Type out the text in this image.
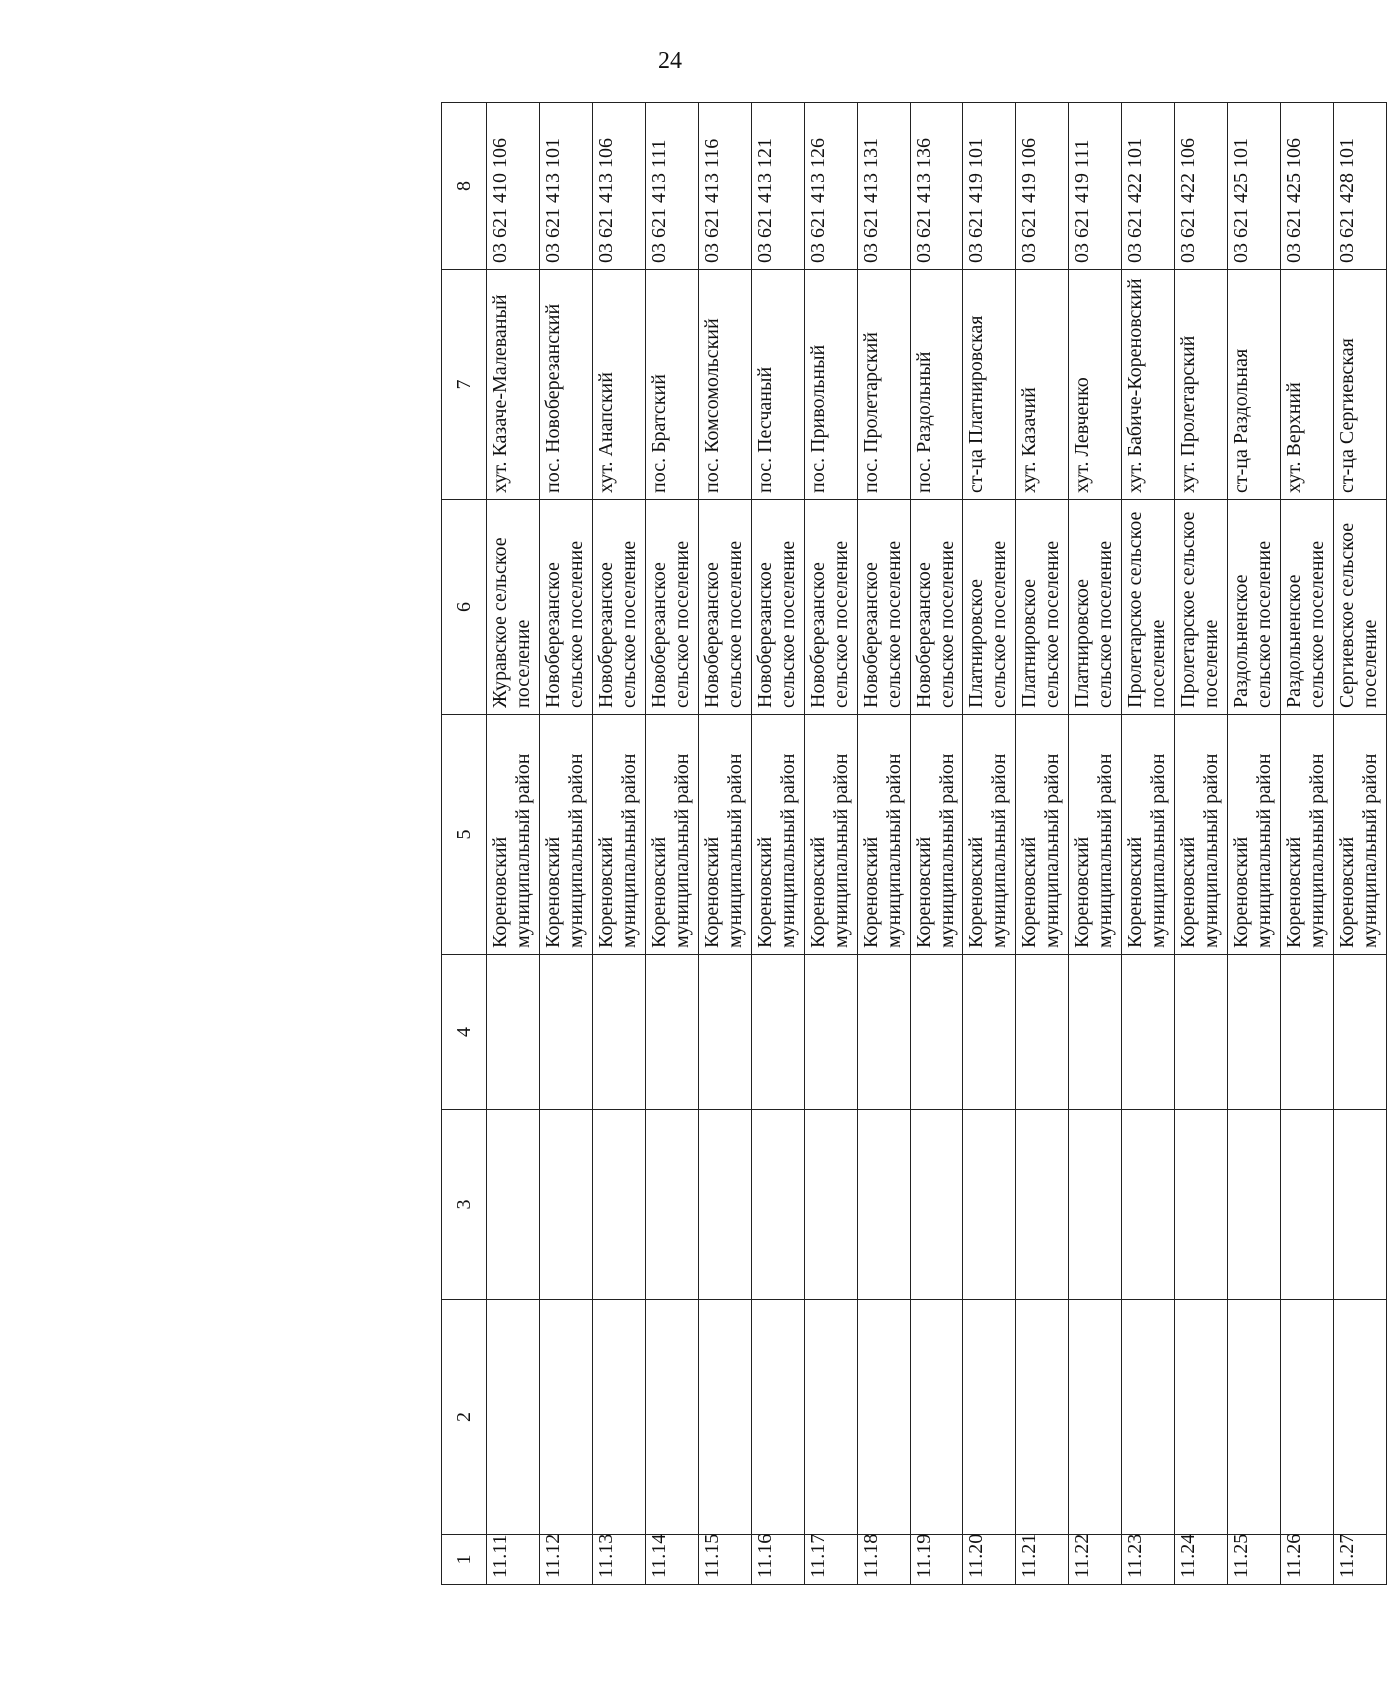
24
1	2	3	4	5	6	7	8
11.11				Кореновский муниципальный район	Журавское сельское поселение	хут. Казаче-Малеваный	03 621 410 106
11.12				Кореновский муниципальный район	Новоберезанское сельское поселение	пос. Новоберезанский	03 621 413 101
11.13				Кореновский муниципальный район	Новоберезанское сельское поселение	хут. Анапский	03 621 413 106
11.14				Кореновский муниципальный район	Новоберезанское сельское поселение	пос. Братский	03 621 413 111
11.15				Кореновский муниципальный район	Новоберезанское сельское поселение	пос. Комсомольский	03 621 413 116
11.16				Кореновский муниципальный район	Новоберезанское сельское поселение	пос. Песчаный	03 621 413 121
11.17				Кореновский муниципальный район	Новоберезанское сельское поселение	пос. Привольный	03 621 413 126
11.18				Кореновский муниципальный район	Новоберезанское сельское поселение	пос. Пролетарский	03 621 413 131
11.19				Кореновский муниципальный район	Новоберезанское сельское поселение	пос. Раздольный	03 621 413 136
11.20				Кореновский муниципальный район	Платнировское сельское поселение	ст-ца Платнировская	03 621 419 101
11.21				Кореновский муниципальный район	Платнировское сельское поселение	хут. Казачий	03 621 419 106
11.22				Кореновский муниципальный район	Платнировское сельское поселение	хут. Левченко	03 621 419 111
11.23				Кореновский муниципальный район	Пролетарское сельское поселение	хут. Бабиче-Кореновский	03 621 422 101
11.24				Кореновский муниципальный район	Пролетарское сельское поселение	хут. Пролетарский	03 621 422 106
11.25				Кореновский муниципальный район	Раздольненское сельское поселение	ст-ца Раздольная	03 621 425 101
11.26				Кореновский муниципальный район	Раздольненское сельское поселение	хут. Верхний	03 621 425 106
11.27				Кореновский муниципальный район	Сергиевское сельское поселение	ст-ца Сергиевская	03 621 428 101
